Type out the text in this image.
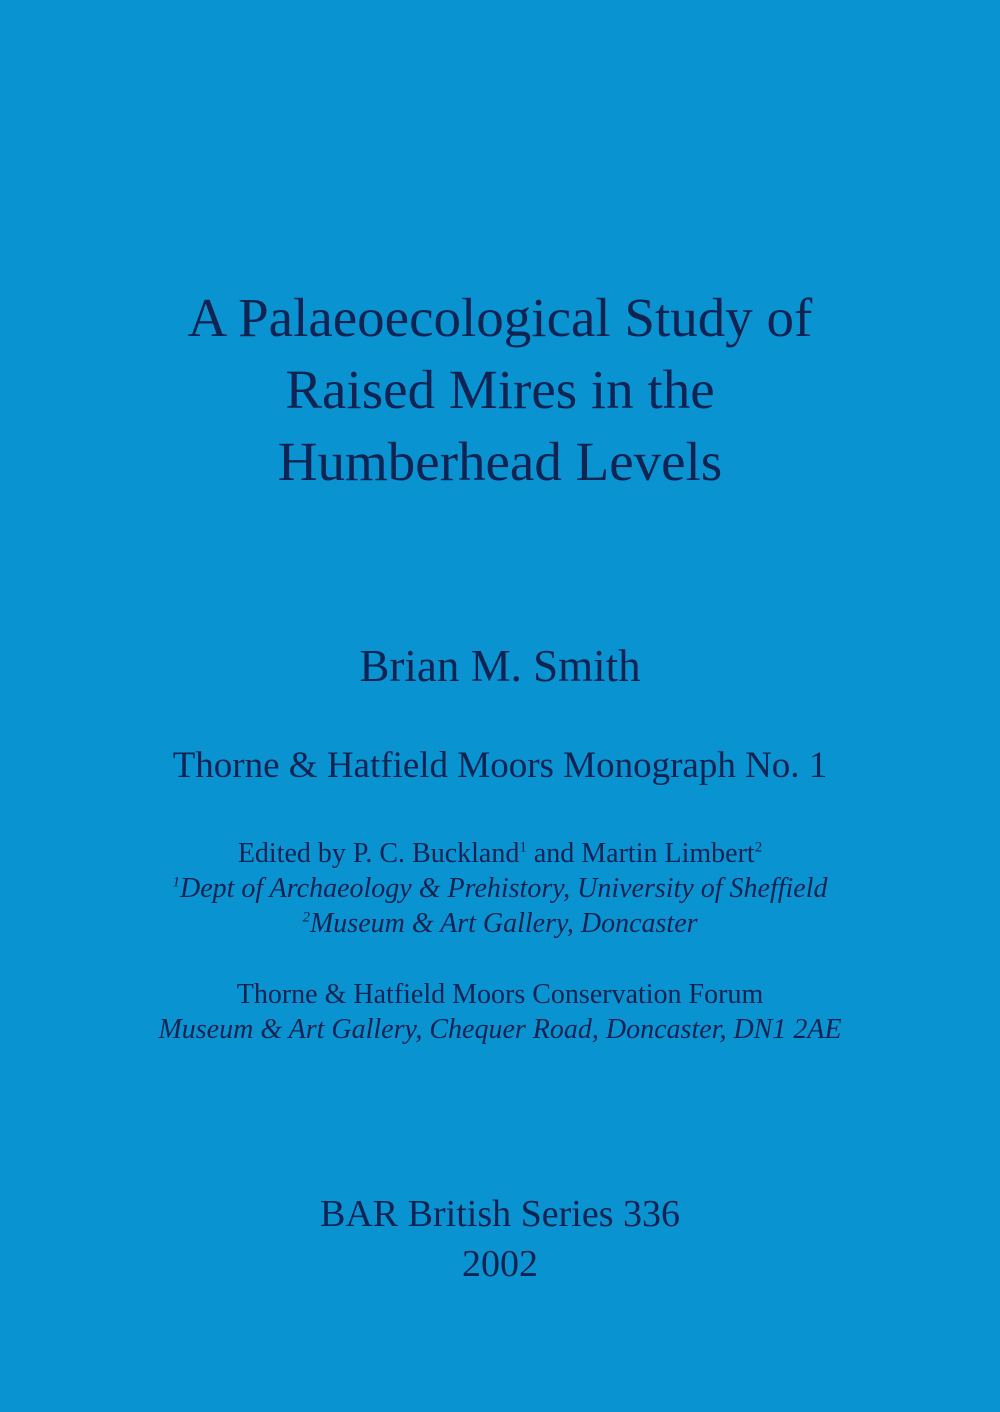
A Palaeoecological Study of
Raised Mires in the
Humberhead Levels
Brian M. Smith
Thorne & Hatfield Moors Monograph No. 1
Edited by P. C. Buckland$^1$ and Martin Limbert$^2$
$^1$Dept of Archaeology & Prehistory, University of Sheffield
$^2$Museum & Art Gallery, Doncaster
Thorne & Hatfield Moors Conservation Forum
Museum & Art Gallery, Chequer Road, Doncaster, DN1 2AE
BAR British Series 336
2002
